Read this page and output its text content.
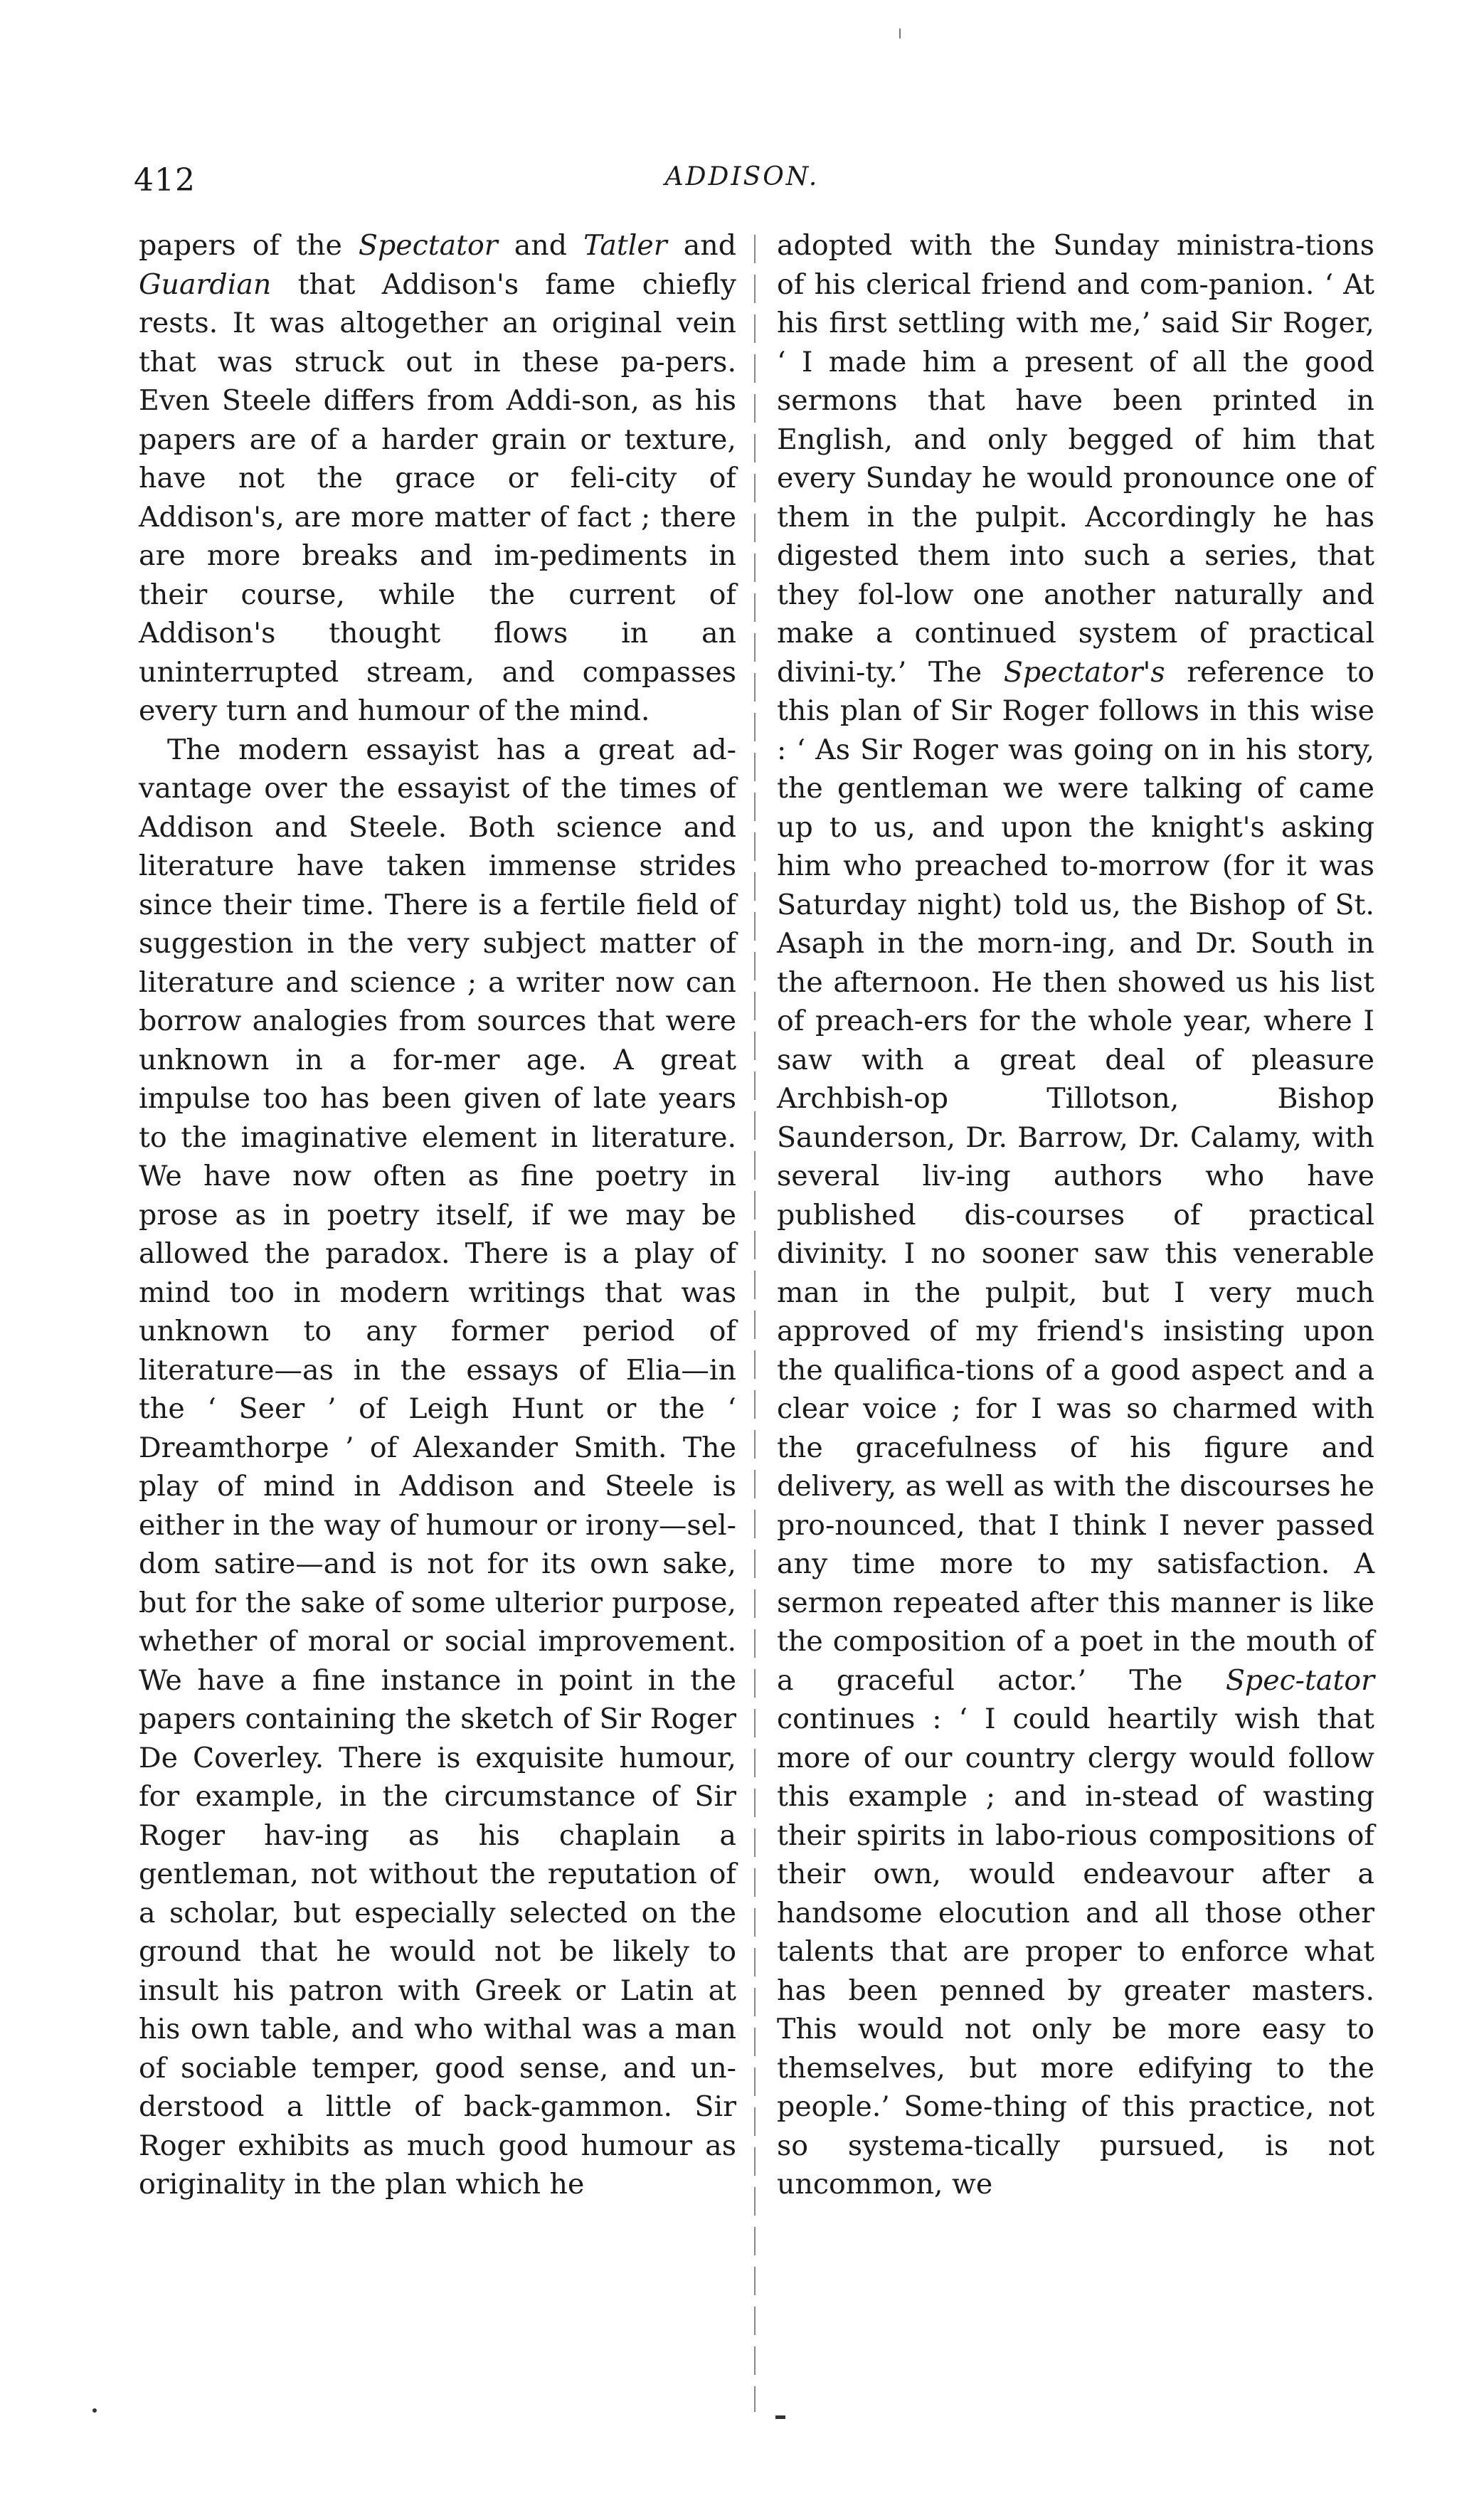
412	ADDISON.

papers of the Spectator and Tatler and Guardian that Addison's fame chiefly rests. It was altogether an original vein that was struck out in these pa-pers. Even Steele differs from Addi-son, as his papers are of a harder grain or texture, have not the grace or feli-city of Addison's, are more matter of fact ; there are more breaks and im-pediments in their course, while the current of Addison's thought flows in an uninterrupted stream, and compasses every turn and humour of the mind.

The modern essayist has a great ad-vantage over the essayist of the times of Addison and Steele. Both science and literature have taken immense strides since their time. There is a fertile field of suggestion in the very subject matter of literature and science ; a writer now can borrow analogies from sources that were unknown in a for-mer age. A great impulse too has been given of late years to the imaginative element in literature. We have now often as fine poetry in prose as in poetry itself, if we may be allowed the paradox. There is a play of mind too in modern writings that was unknown to any former period of literature—as in the essays of Elia—in the ‘ Seer ’ of Leigh Hunt or the ‘ Dreamthorpe ’ of Alexander Smith. The play of mind in Addison and Steele is either in the way of humour or irony—sel-dom satire—and is not for its own sake, but for the sake of some ulterior purpose, whether of moral or social improvement. We have a fine instance in point in the papers containing the sketch of Sir Roger De Coverley. There is exquisite humour, for example, in the circumstance of Sir Roger hav-ing as his chaplain a gentleman, not without the reputation of a scholar, but especially selected on the ground that he would not be likely to insult his patron with Greek or Latin at his own table, and who withal was a man of sociable temper, good sense, and un-derstood a little of back-gammon. Sir Roger exhibits as much good humour as originality in the plan which he

adopted with the Sunday ministra-tions of his clerical friend and com-panion. ‘ At his first settling with me,’ said Sir Roger, ‘ I made him a present of all the good sermons that have been printed in English, and only begged of him that every Sunday he would pronounce one of them in the pulpit. Accordingly he has digested them into such a series, that they fol-low one another naturally and make a continued system of practical divini-ty.’ The Spectator's reference to this plan of Sir Roger follows in this wise : ‘ As Sir Roger was going on in his story, the gentleman we were talking of came up to us, and upon the knight's asking him who preached to-morrow (for it was Saturday night) told us, the Bishop of St. Asaph in the morn-ing, and Dr. South in the afternoon. He then showed us his list of preach-ers for the whole year, where I saw with a great deal of pleasure Archbish-op Tillotson, Bishop Saunderson, Dr. Barrow, Dr. Calamy, with several liv-ing authors who have published dis-courses of practical divinity. I no sooner saw this venerable man in the pulpit, but I very much approved of my friend's insisting upon the qualifica-tions of a good aspect and a clear voice ; for I was so charmed with the gracefulness of his figure and delivery, as well as with the discourses he pro-nounced, that I think I never passed any time more to my satisfaction. A sermon repeated after this manner is like the composition of a poet in the mouth of a graceful actor.’ The Spec-tator continues : ‘ I could heartily wish that more of our country clergy would follow this example ; and in-stead of wasting their spirits in labo-rious compositions of their own, would endeavour after a handsome elocution and all those other talents that are proper to enforce what has been penned by greater masters. This would not only be more easy to themselves, but more edifying to the people.’ Some-thing of this practice, not so systema-tically pursued, is not uncommon, we
